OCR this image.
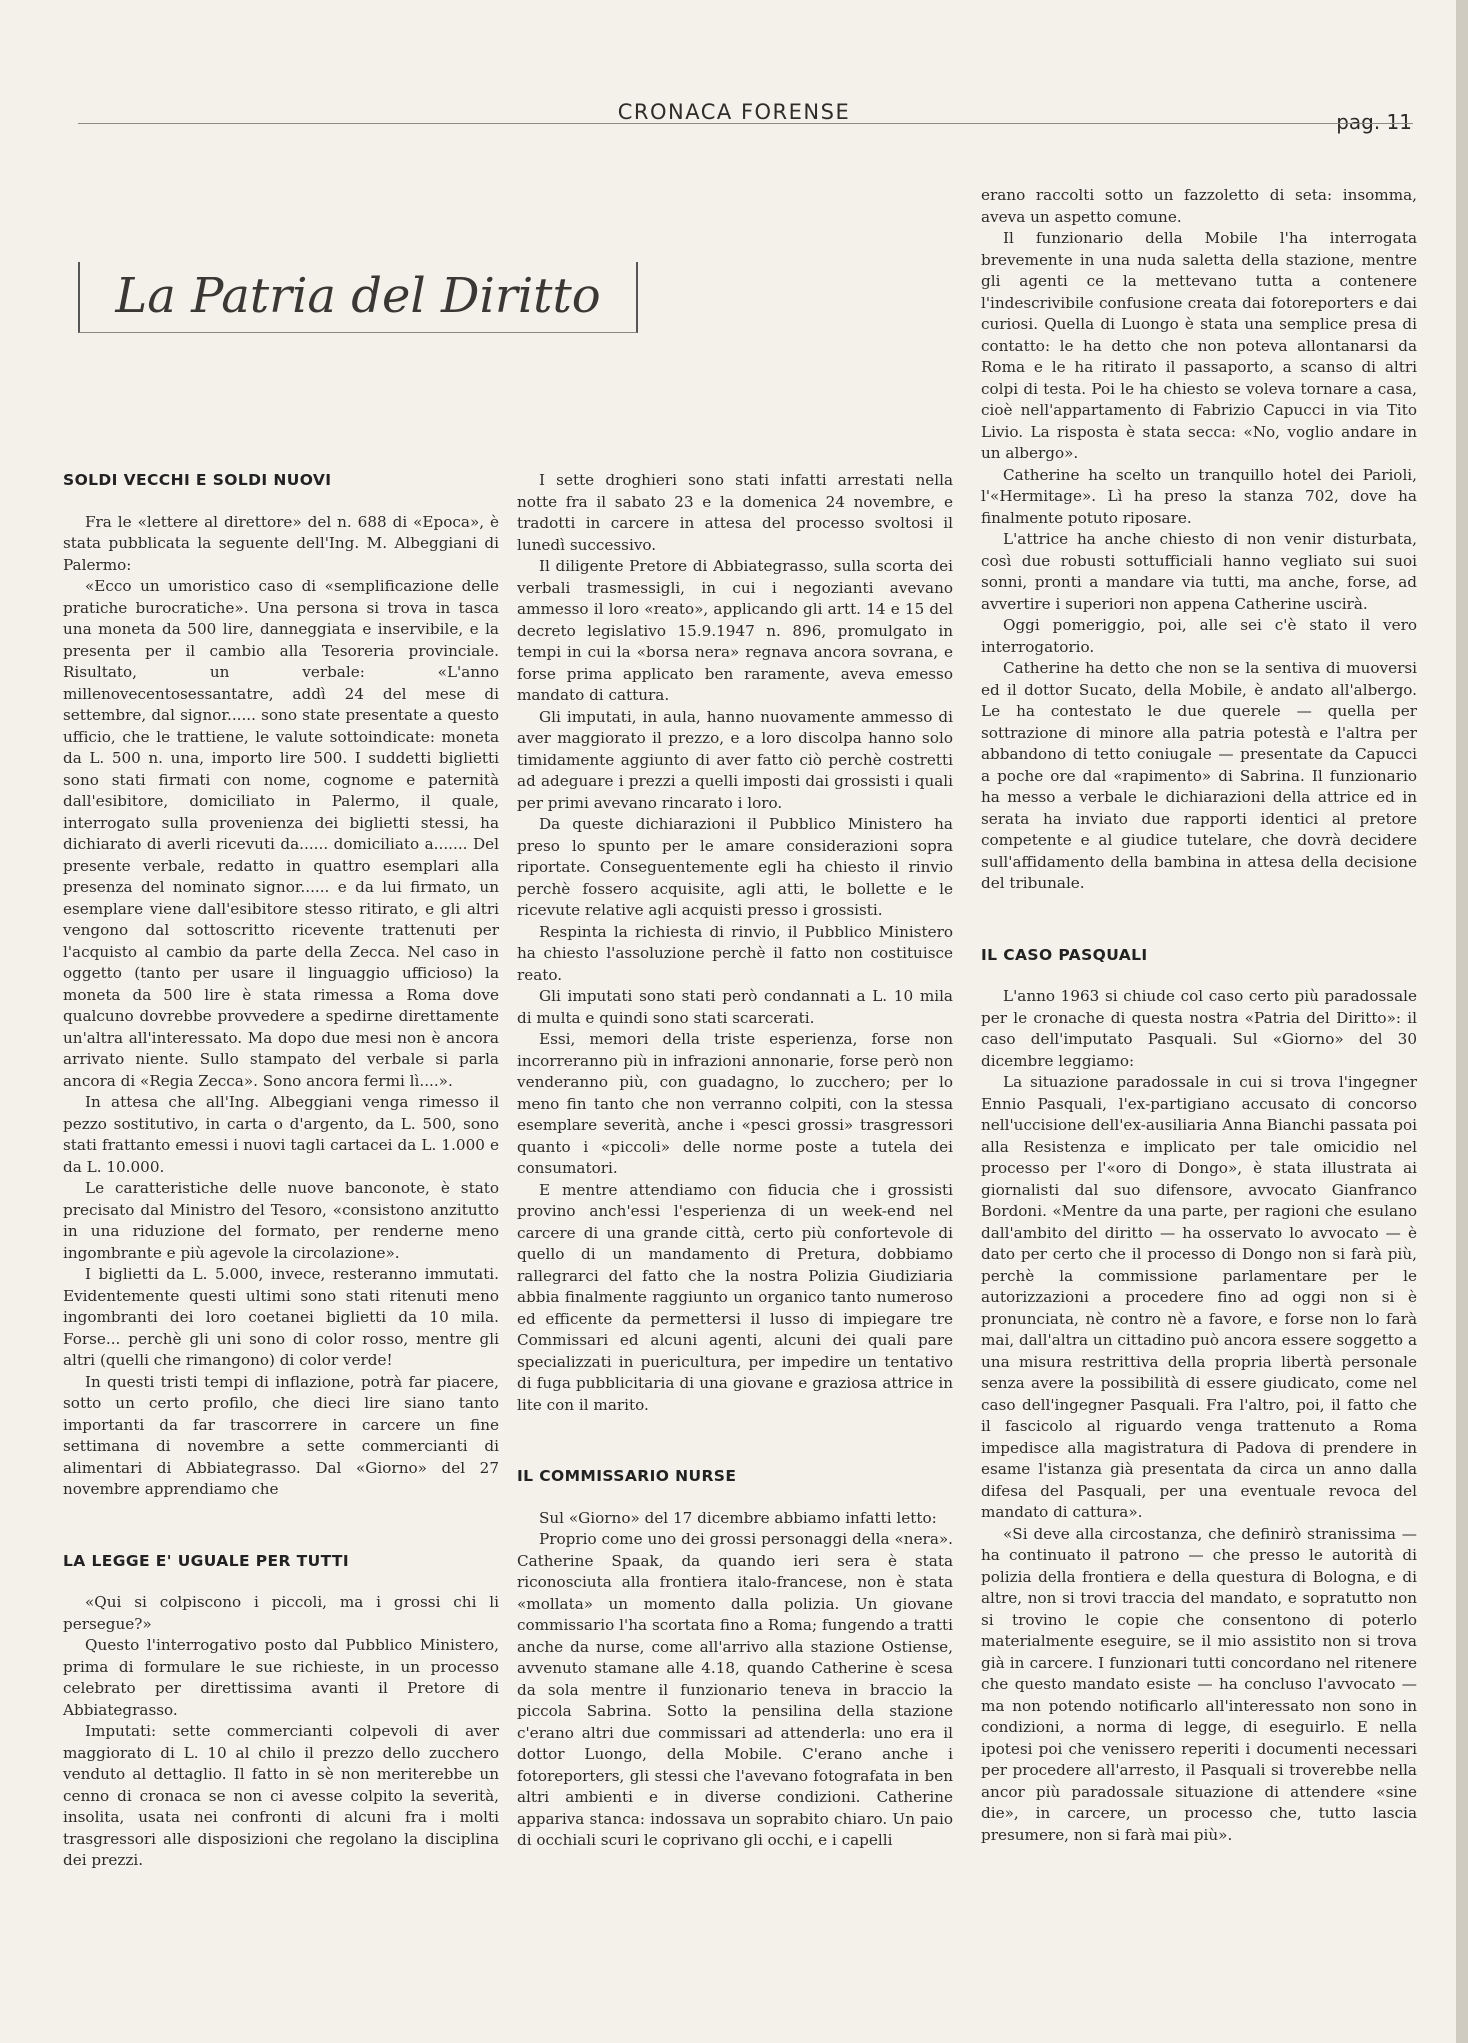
CRONACA FORENSE	pag. 11
La Patria del Diritto
SOLDI VECCHI E SOLDI NUOVI

Fra le «lettere al direttore» del n. 688 di «Epoca», è stata pubblicata la seguente dell'Ing. M. Albeggiani di Palermo:

«Ecco un umoristico caso di «semplificazione delle pratiche burocratiche». Una persona si trova in tasca una moneta da 500 lire, danneggiata e inservibile, e la presenta per il cambio alla Tesoreria provinciale. Risultato, un verbale: «L'anno millenovecentosessantatre, addì 24 del mese di settembre, dal signor...... sono state presentate a questo ufficio, che le trattiene, le valute sottoindicate: moneta da L. 500 n. una, importo lire 500. I suddetti biglietti sono stati firmati con nome, cognome e paternità dall'esibitore, domiciliato in Palermo, il quale, interrogato sulla provenienza dei biglietti stessi, ha dichiarato di averli ricevuti da...... domiciliato a....... Del presente verbale, redatto in quattro esemplari alla presenza del nominato signor...... e da lui firmato, un esemplare viene dall'esibitore stesso ritirato, e gli altri vengono dal sottoscritto ricevente trattenuti per l'acquisto al cambio da parte della Zecca. Nel caso in oggetto (tanto per usare il linguaggio ufficioso) la moneta da 500 lire è stata rimessa a Roma dove qualcuno dovrebbe provvedere a spedirne direttamente un'altra all'interessato. Ma dopo due mesi non è ancora arrivato niente. Sullo stampato del verbale si parla ancora di «Regia Zecca». Sono ancora fermi lì....».

In attesa che all'Ing. Albeggiani venga rimesso il pezzo sostitutivo, in carta o d'argento, da L. 500, sono stati frattanto emessi i nuovi tagli cartacei da L. 1.000 e da L. 10.000.

Le caratteristiche delle nuove banconote, è stato precisato dal Ministro del Tesoro, «consistono anzitutto in una riduzione del formato, per renderne meno ingombrante e più agevole la circolazione».

I biglietti da L. 5.000, invece, resteranno immutati. Evidentemente questi ultimi sono stati ritenuti meno ingombranti dei loro coetanei biglietti da 10 mila. Forse... perchè gli uni sono di color rosso, mentre gli altri (quelli che rimangono) di color verde!

In questi tristi tempi di inflazione, potrà far piacere, sotto un certo profilo, che dieci lire siano tanto importanti da far trascorrere in carcere un fine settimana di novembre a sette commercianti di alimentari di Abbiategrasso. Dal «Giorno» del 27 novembre apprendiamo che

LA LEGGE E' UGUALE PER TUTTI

«Qui si colpiscono i piccoli, ma i grossi chi li persegue?»

Questo l'interrogativo posto dal Pubblico Ministero, prima di formulare le sue richieste, in un processo celebrato per direttissima avanti il Pretore di Abbiategrasso.

Imputati: sette commercianti colpevoli di aver maggiorato di L. 10 al chilo il prezzo dello zucchero venduto al dettaglio. Il fatto in sè non meriterebbe un cenno di cronaca se non ci avesse colpito la severità, insolita, usata nei confronti di alcuni fra i molti trasgressori alle disposizioni che regolano la disciplina dei prezzi.

I sette droghieri sono stati infatti arrestati nella notte fra il sabato 23 e la domenica 24 novembre, e tradotti in carcere in attesa del processo svoltosi il lunedì successivo.

Il diligente Pretore di Abbiategrasso, sulla scorta dei verbali trasmessigli, in cui i negozianti avevano ammesso il loro «reato», applicando gli artt. 14 e 15 del decreto legislativo 15.9.1947 n. 896, promulgato in tempi in cui la «borsa nera» regnava ancora sovrana, e forse prima applicato ben raramente, aveva emesso mandato di cattura.

Gli imputati, in aula, hanno nuovamente ammesso di aver maggiorato il prezzo, e a loro discolpa hanno solo timidamente aggiunto di aver fatto ciò perchè costretti ad adeguare i prezzi a quelli imposti dai grossisti i quali per primi avevano rincarato i loro.

Da queste dichiarazioni il Pubblico Ministero ha preso lo spunto per le amare considerazioni sopra riportate. Conseguentemente egli ha chiesto il rinvio perchè fossero acquisite, agli atti, le bollette e le ricevute relative agli acquisti presso i grossisti.

Respinta la richiesta di rinvio, il Pubblico Ministero ha chiesto l'assoluzione perchè il fatto non costituisce reato.

Gli imputati sono stati però condannati a L. 10 mila di multa e quindi sono stati scarcerati.

Essi, memori della triste esperienza, forse non incorreranno più in infrazioni annonarie, forse però non venderanno più, con guadagno, lo zucchero; per lo meno fin tanto che non verranno colpiti, con la stessa esemplare severità, anche i «pesci grossi» trasgressori quanto i «piccoli» delle norme poste a tutela dei consumatori.

E mentre attendiamo con fiducia che i grossisti provino anch'essi l'esperienza di un week-end nel carcere di una grande città, certo più confortevole di quello di un mandamento di Pretura, dobbiamo rallegrarci del fatto che la nostra Polizia Giudiziaria abbia finalmente raggiunto un organico tanto numeroso ed efficente da permettersi il lusso di impiegare tre Commissari ed alcuni agenti, alcuni dei quali pare specializzati in puericultura, per impedire un tentativo di fuga pubblicitaria di una giovane e graziosa attrice in lite con il marito.

IL COMMISSARIO NURSE

Sul «Giorno» del 17 dicembre abbiamo infatti letto:

Proprio come uno dei grossi personaggi della «nera». Catherine Spaak, da quando ieri sera è stata riconosciuta alla frontiera italo-francese, non è stata «mollata» un momento dalla polizia. Un giovane commissario l'ha scortata fino a Roma; fungendo a tratti anche da nurse, come all'arrivo alla stazione Ostiense, avvenuto stamane alle 4.18, quando Catherine è scesa da sola mentre il funzionario teneva in braccio la piccola Sabrina. Sotto la pensilina della stazione c'erano altri due commissari ad attenderla: uno era il dottor Luongo, della Mobile. C'erano anche i fotoreporters, gli stessi che l'avevano fotografata in ben altri ambienti e in diverse condizioni. Catherine appariva stanca: indossava un soprabito chiaro. Un paio di occhiali scuri le coprivano gli occhi, e i capelli

erano raccolti sotto un fazzoletto di seta: insomma, aveva un aspetto comune.

Il funzionario della Mobile l'ha interrogata brevemente in una nuda saletta della stazione, mentre gli agenti ce la mettevano tutta a contenere l'indescrivibile confusione creata dai fotoreporters e dai curiosi. Quella di Luongo è stata una semplice presa di contatto: le ha detto che non poteva allontanarsi da Roma e le ha ritirato il passaporto, a scanso di altri colpi di testa. Poi le ha chiesto se voleva tornare a casa, cioè nell'appartamento di Fabrizio Capucci in via Tito Livio. La risposta è stata secca: «No, voglio andare in un albergo».

Catherine ha scelto un tranquillo hotel dei Parioli, l'«Hermitage». Lì ha preso la stanza 702, dove ha finalmente potuto riposare.

L'attrice ha anche chiesto di non venir disturbata, così due robusti sottufficiali hanno vegliato sui suoi sonni, pronti a mandare via tutti, ma anche, forse, ad avvertire i superiori non appena Catherine uscirà.

Oggi pomeriggio, poi, alle sei c'è stato il vero interrogatorio.

Catherine ha detto che non se la sentiva di muoversi ed il dottor Sucato, della Mobile, è andato all'albergo. Le ha contestato le due querele — quella per sottrazione di minore alla patria potestà e l'altra per abbandono di tetto coniugale — presentate da Capucci a poche ore dal «rapimento» di Sabrina. Il funzionario ha messo a verbale le dichiarazioni della attrice ed in serata ha inviato due rapporti identici al pretore competente e al giudice tutelare, che dovrà decidere sull'affidamento della bambina in attesa della decisione del tribunale.

IL CASO PASQUALI

L'anno 1963 si chiude col caso certo più paradossale per le cronache di questa nostra «Patria del Diritto»: il caso dell'imputato Pasquali. Sul «Giorno» del 30 dicembre leggiamo:

La situazione paradossale in cui si trova l'ingegner Ennio Pasquali, l'ex-partigiano accusato di concorso nell'uccisione dell'ex-ausiliaria Anna Bianchi passata poi alla Resistenza e implicato per tale omicidio nel processo per l'«oro di Dongo», è stata illustrata ai giornalisti dal suo difensore, avvocato Gianfranco Bordoni. «Mentre da una parte, per ragioni che esulano dall'ambito del diritto — ha osservato lo avvocato — è dato per certo che il processo di Dongo non si farà più, perchè la commissione parlamentare per le autorizzazioni a procedere fino ad oggi non si è pronunciata, nè contro nè a favore, e forse non lo farà mai, dall'altra un cittadino può ancora essere soggetto a una misura restrittiva della propria libertà personale senza avere la possibilità di essere giudicato, come nel caso dell'ingegner Pasquali. Fra l'altro, poi, il fatto che il fascicolo al riguardo venga trattenuto a Roma impedisce alla magistratura di Padova di prendere in esame l'istanza già presentata da circa un anno dalla difesa del Pasquali, per una eventuale revoca del mandato di cattura».

«Si deve alla circostanza, che definirò stranissima — ha continuato il patrono — che presso le autorità di polizia della frontiera e della questura di Bologna, e di altre, non si trovi traccia del mandato, e sopratutto non si trovino le copie che consentono di poterlo materialmente eseguire, se il mio assistito non si trova già in carcere. I funzionari tutti concordano nel ritenere che questo mandato esiste — ha concluso l'avvocato — ma non potendo notificarlo all'interessato non sono in condizioni, a norma di legge, di eseguirlo. E nella ipotesi poi che venissero reperiti i documenti necessari per procedere all'arresto, il Pasquali si troverebbe nella ancor più paradossale situazione di attendere «sine die», in carcere, un processo che, tutto lascia presumere, non si farà mai più».
